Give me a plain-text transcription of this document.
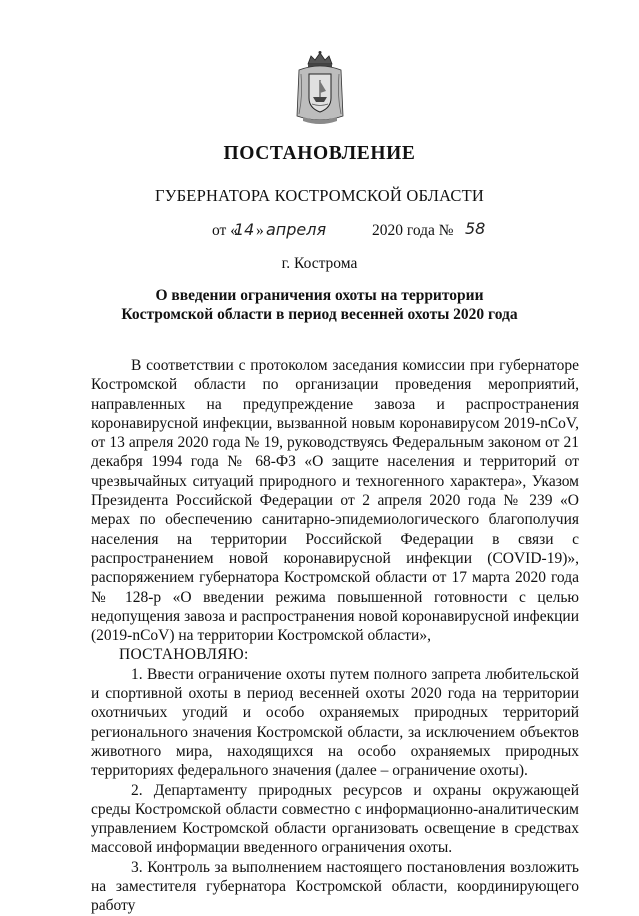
ПОСТАНОВЛЕНИЕ
ГУБЕРНАТОРА КОСТРОМСКОЙ ОБЛАСТИ
от «
14 » апреля	2020 года № 58
г. Кострома
О введении ограничения охоты на территории
Костромской области в период весенней охоты 2020 года

В соответствии с протоколом заседания комиссии при губернаторе Костромской области по организации проведения мероприятий, направленных на предупреждение завоза и распространения коронавирусной инфекции, вызванной новым коронавирусом 2019-nCoV, от 13 апреля 2020 года № 19, руководствуясь Федеральным законом от 21 декабря 1994 года № 68-ФЗ «О защите населения и территорий от чрезвычайных ситуаций природного и техногенного характера», Указом Президента Российской Федерации от 2 апреля 2020 года № 239 «О мерах по обеспечению санитарно-эпидемиологического благополучия населения на территории Российской Федерации в связи с распространением новой коронавирусной инфекции (COVID-19)», распоряжением губернатора Костромской области от 17 марта 2020 года № 128-р «О введении режима повышенной готовности с целью недопущения завоза и распространения новой коронавирусной инфекции (2019-nCoV) на территории Костромской области»,

ПОСТАНОВЛЯЮ:

1. Ввести ограничение охоты путем полного запрета любительской и спортивной охоты в период весенней охоты 2020 года на территории охотничьих угодий и особо охраняемых природных территорий регионального значения Костромской области, за исключением объектов животного мира, находящихся на особо охраняемых природных территориях федерального значения (далее – ограничение охоты).

2. Департаменту природных ресурсов и охраны окружающей среды Костромской области совместно с информационно-аналитическим управлением Костромской области организовать освещение в средствах массовой информации введенного ограничения охоты.

3. Контроль за выполнением настоящего постановления возложить на заместителя губернатора Костромской области, координирующего работу
